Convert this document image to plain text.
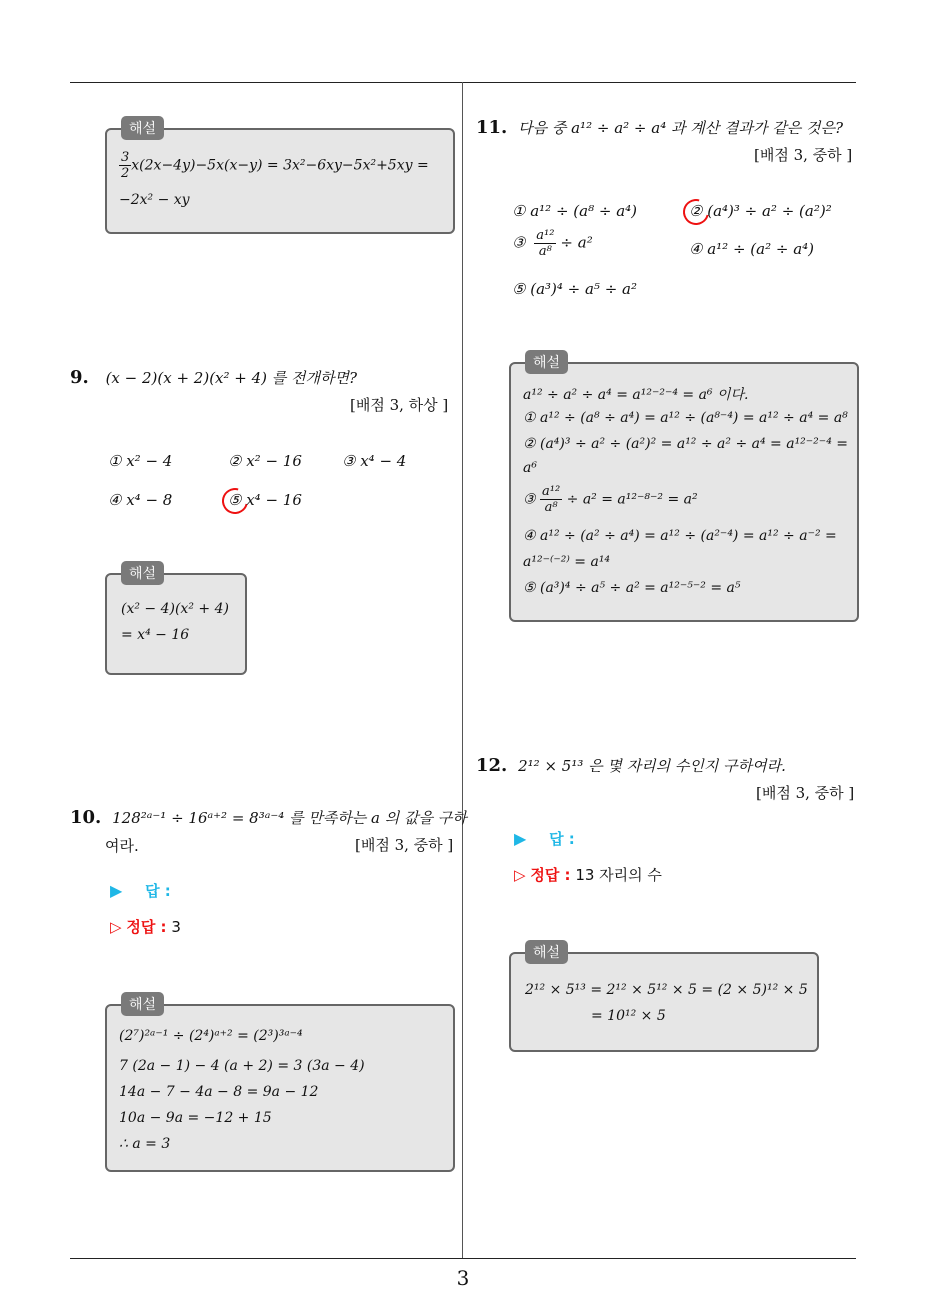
3
해설
$\frac{3}{2} x(2x-4y)-5x(x-y) = 3x^2-6xy-5x^2+5xy$ =
−2x² − xy
9. (x − 2)(x + 2)(x² + 4) 를 전개하면?
[배점 3, 하상 ]
① x² − 4	② x² − 16	③ x⁴ − 4
④ x⁴ − 8	⑤ x⁴ − 16
해설
(x² − 4)(x² + 4)
= x⁴ − 16
10. 128²ᵃ⁻¹ ÷ 16ᵃ⁺² = 8³ᵃ⁻⁴ 를 만족하는 a 의 값을 구하
여라.	[배점 3, 중하 ]
▶ 답 :
▷ 정답 : 3
해설
(2⁷)²ᵃ⁻¹ ÷ (2⁴)ᵃ⁺² = (2³)³ᵃ⁻⁴
7 (2a − 1) − 4 (a + 2) = 3 (3a − 4)
14a − 7 − 4a − 8 = 9a − 12
10a − 9a = −12 + 15
∴ a = 3
11. 다음 중 a¹² ÷ a² ÷ a⁴ 과 계산 결과가 같은 것은?
[배점 3, 중하 ]
① a¹² ÷ (a⁸ ÷ a⁴)	② (a⁴)³ ÷ a² ÷ (a²)²
③ $\frac{\text{a¹²}}{\text{a⁸}} \div a^2$	④ a¹² ÷ (a² ÷ a⁴)
⑤ (a³)⁴ ÷ a⁵ ÷ a²
해설
a¹² ÷ a² ÷ a⁴ = a¹²⁻²⁻⁴ = a⁶ 이다.
① a¹² ÷ (a⁸ ÷ a⁴) = a¹² ÷ (a⁸⁻⁴) = a¹² ÷ a⁴ = a⁸
② (a⁴)³ ÷ a² ÷ (a²)² = a¹² ÷ a² ÷ a⁴ = a¹²⁻²⁻⁴ =
a⁶
③ $\frac{\text{a¹²}}{\text{a⁸}} \div a^2 = a^{12-8-2} = a^2$
④ a¹² ÷ (a² ÷ a⁴) = a¹² ÷ (a²⁻⁴) = a¹² ÷ a⁻² =
a¹²⁻⁽⁻²⁾ = a¹⁴
⑤ (a³)⁴ ÷ a⁵ ÷ a² = a¹²⁻⁵⁻² = a⁵
12. 2¹² × 5¹³ 은 몇 자리의 수인지 구하여라.
[배점 3, 중하 ]
▶ 답 :
▷ 정답 : 13 자리의 수
해설
2¹² × 5¹³ = 2¹² × 5¹² × 5 = (2 × 5)¹² × 5
= 10¹² × 5
